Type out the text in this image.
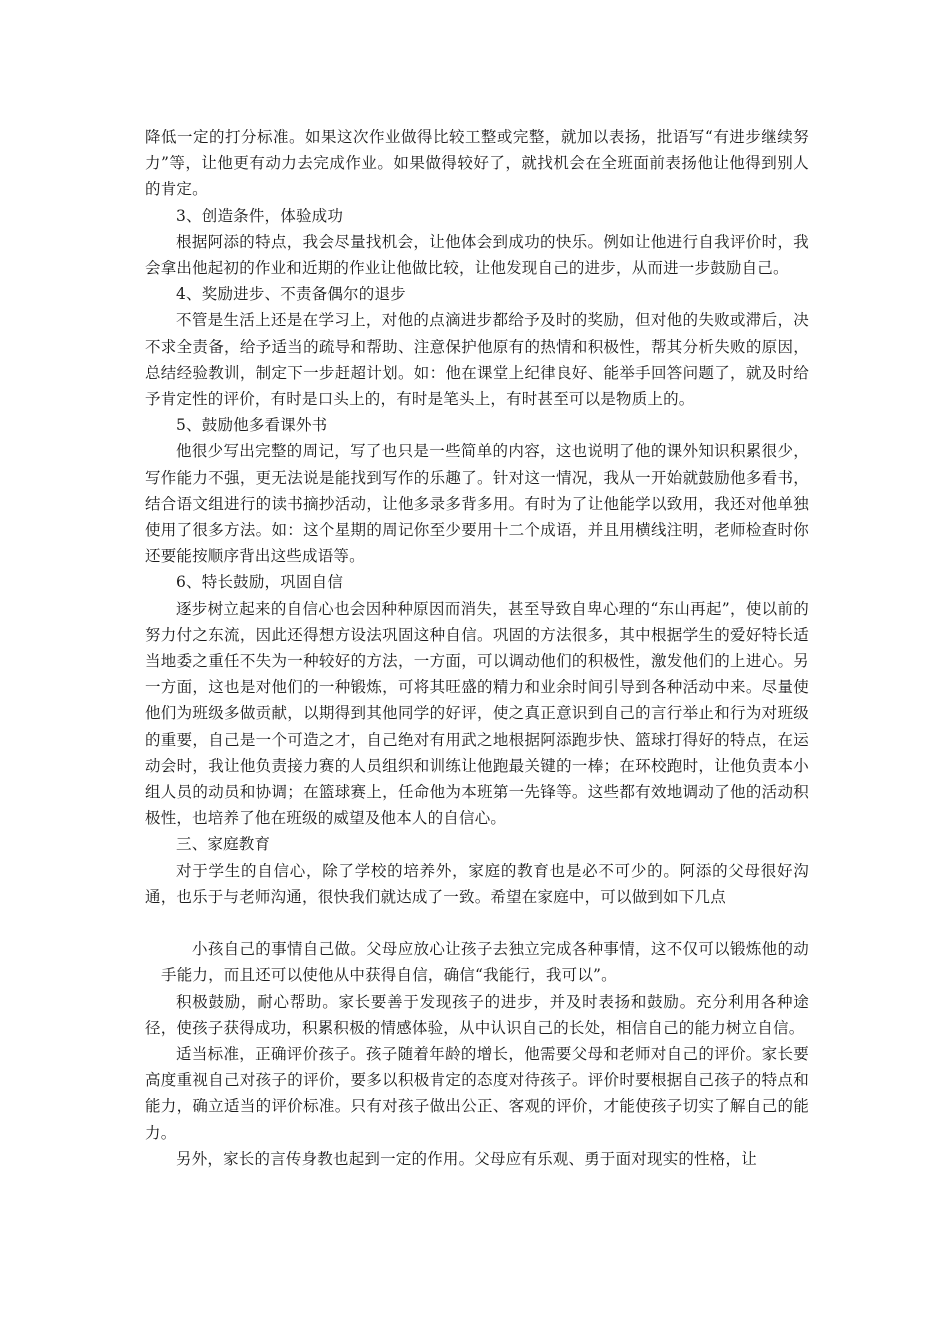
降低一定的打分标准。如果这次作业做得比较工整或完整，就加以表扬，批语写“有进步继续努力”等，让他更有动力去完成作业。如果做得较好了，就找机会在全班面前表扬他让他得到别人的肯定。

3、创造条件，体验成功

根据阿添的特点，我会尽量找机会，让他体会到成功的快乐。例如让他进行自我评价时，我会拿出他起初的作业和近期的作业让他做比较，让他发现自己的进步，从而进一步鼓励自己。

4、奖励进步、不责备偶尔的退步

不管是生活上还是在学习上，对他的点滴进步都给予及时的奖励，但对他的失败或滞后，决不求全责备，给予适当的疏导和帮助、注意保护他原有的热情和积极性，帮其分析失败的原因，总结经验教训，制定下一步赶超计划。如：他在课堂上纪律良好、能举手回答问题了，就及时给予肯定性的评价，有时是口头上的，有时是笔头上，有时甚至可以是物质上的。

5、鼓励他多看课外书

他很少写出完整的周记，写了也只是一些简单的内容，这也说明了他的课外知识积累很少，写作能力不强，更无法说是能找到写作的乐趣了。针对这一情况，我从一开始就鼓励他多看书，结合语文组进行的读书摘抄活动，让他多录多背多用。有时为了让他能学以致用，我还对他单独使用了很多方法。如：这个星期的周记你至少要用十二个成语，并且用横线注明，老师检查时你还要能按顺序背出这些成语等。

6、特长鼓励，巩固自信

逐步树立起来的自信心也会因种种原因而消失，甚至导致自卑心理的“东山再起”，使以前的努力付之东流，因此还得想方设法巩固这种自信。巩固的方法很多，其中根据学生的爱好特长适当地委之重任不失为一种较好的方法，一方面，可以调动他们的积极性，激发他们的上进心。另一方面，这也是对他们的一种锻炼，可将其旺盛的精力和业余时间引导到各种活动中来。尽量使他们为班级多做贡献，以期得到其他同学的好评，使之真正意识到自己的言行举止和行为对班级的重要，自己是一个可造之才，自己绝对有用武之地根据阿添跑步快、篮球打得好的特点，在运动会时，我让他负责接力赛的人员组织和训练让他跑最关键的一棒；在环校跑时，让他负责本小组人员的动员和协调；在篮球赛上，任命他为本班第一先锋等。这些都有效地调动了他的活动积极性，也培养了他在班级的威望及他本人的自信心。

三、家庭教育

对于学生的自信心，除了学校的培养外，家庭的教育也是必不可少的。阿添的父母很好沟通，也乐于与老师沟通，很快我们就达成了一致。希望在家庭中，可以做到如下几点

小孩自己的事情自己做。父母应放心让孩子去独立完成各种事情，这不仅可以锻炼他的动手能力，而且还可以使他从中获得自信，确信“我能行，我可以”。

积极鼓励，耐心帮助。家长要善于发现孩子的进步，并及时表扬和鼓励。充分利用各种途径，使孩子获得成功，积累积极的情感体验，从中认识自己的长处，相信自己的能力树立自信。

适当标准，正确评价孩子。孩子随着年龄的增长，他需要父母和老师对自己的评价。家长要高度重视自己对孩子的评价，要多以积极肯定的态度对待孩子。评价时要根据自己孩子的特点和能力，确立适当的评价标准。只有对孩子做出公正、客观的评价，才能使孩子切实了解自己的能力。

另外，家长的言传身教也起到一定的作用。父母应有乐观、勇于面对现实的性格，让
